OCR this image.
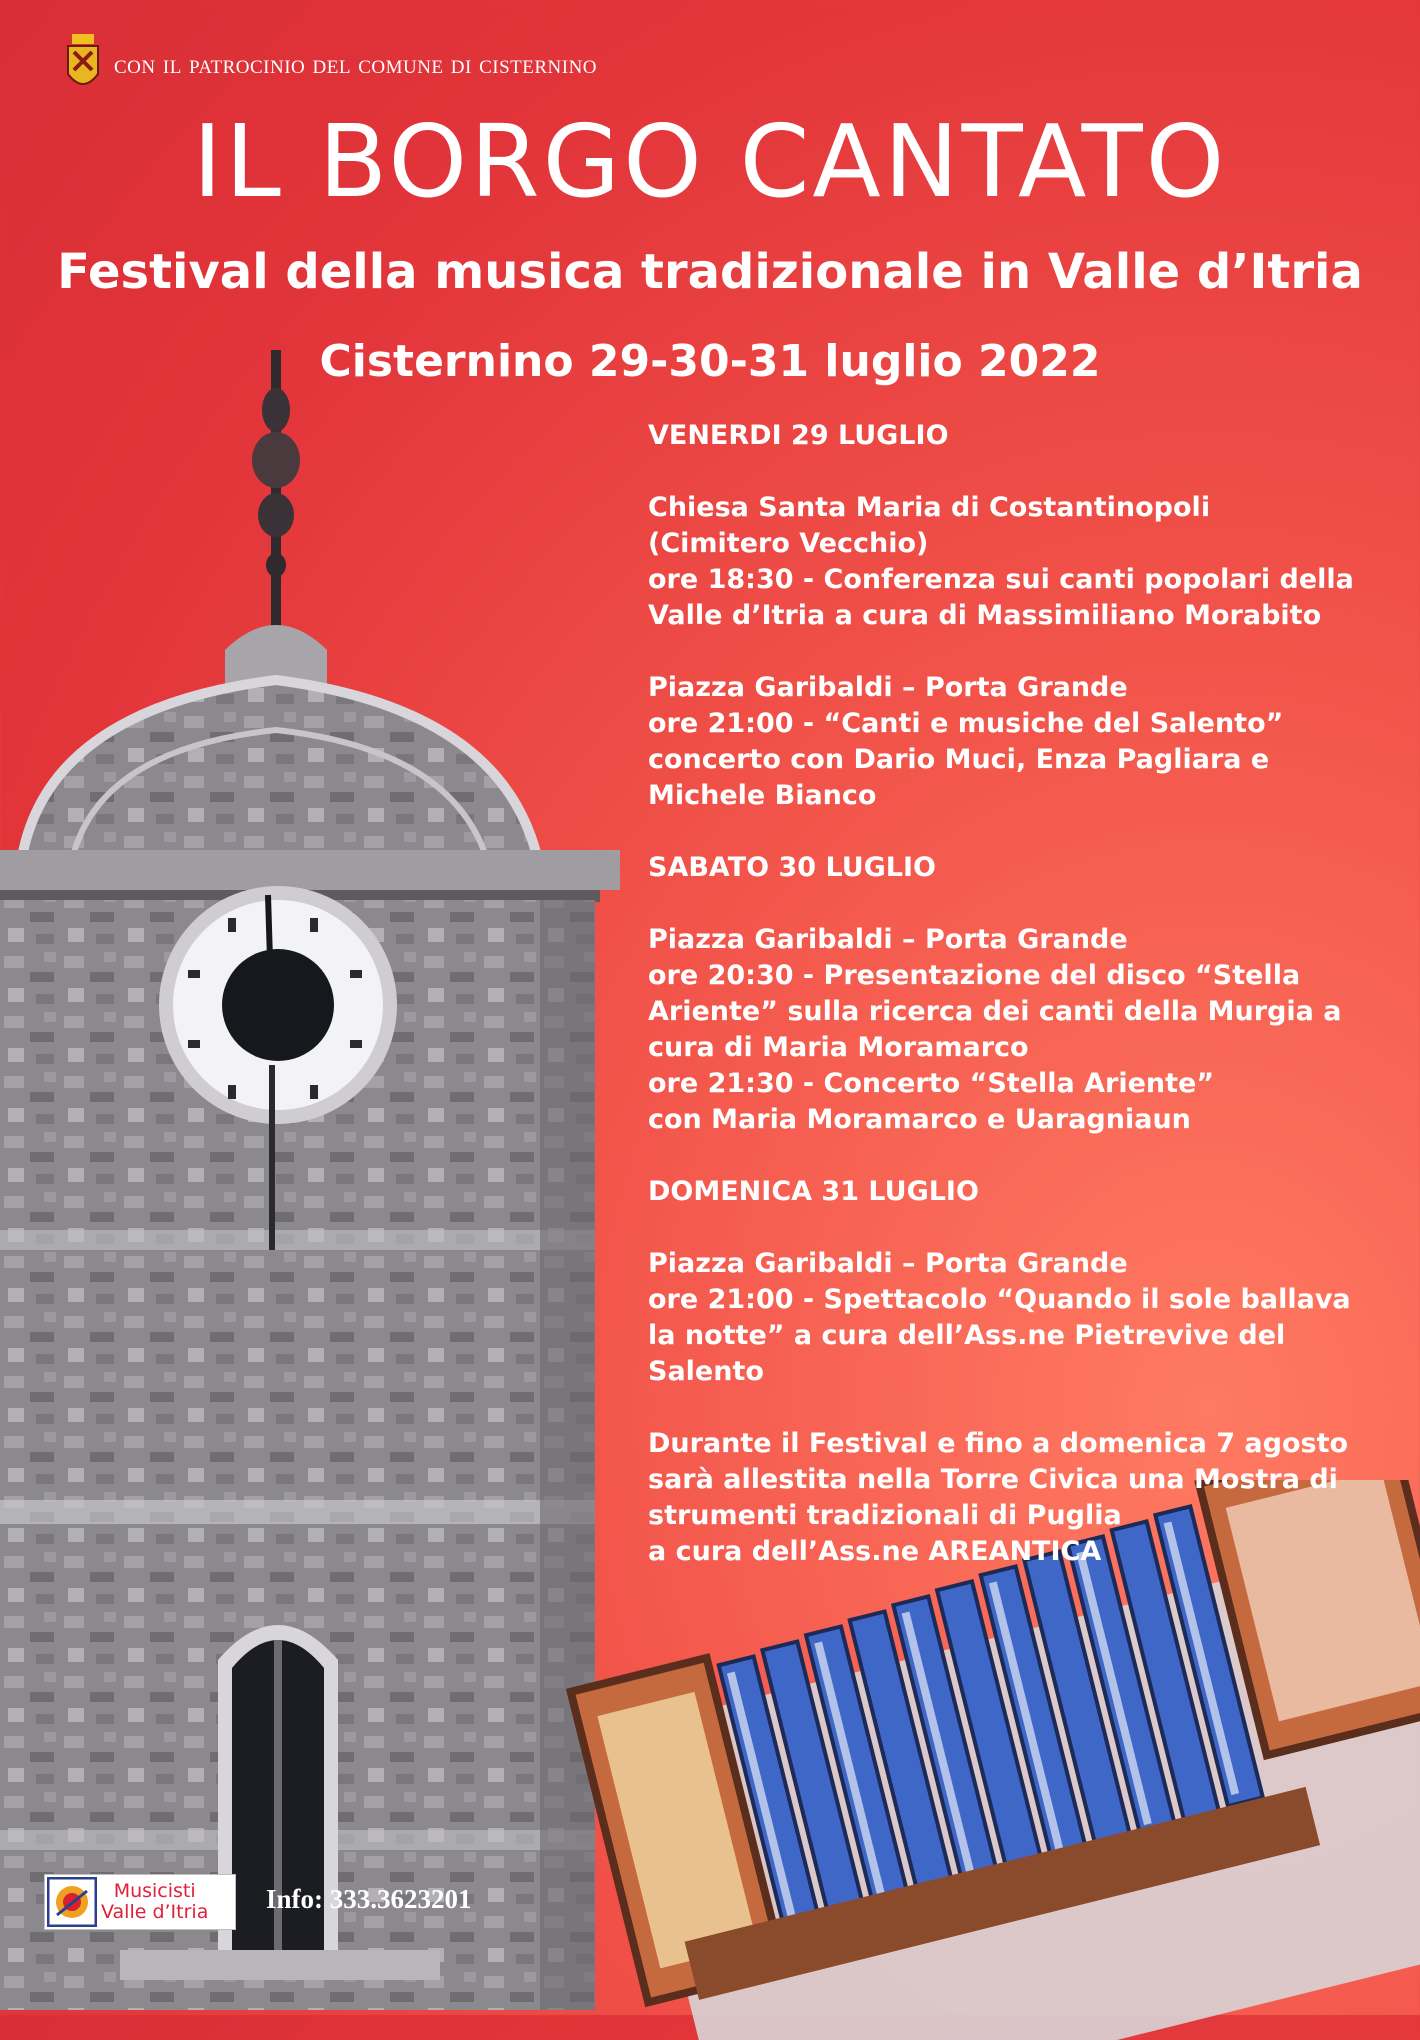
con il patrocinio del comune di cisternino
IL BORGO CANTATO
Festival della musica tradizionale in Valle d’Itria
Cisternino 29-30-31 luglio 2022
VENERDI 29 LUGLIO
Chiesa Santa Maria di Costantinopoli
(Cimitero Vecchio)
ore 18:30 - Conferenza sui canti popolari della
Valle d’Itria a cura di Massimiliano Morabito
Piazza Garibaldi – Porta Grande
ore 21:00 - “Canti e musiche del Salento”
concerto con Dario Muci, Enza Pagliara e
Michele Bianco
SABATO 30 LUGLIO
Piazza Garibaldi – Porta Grande
ore 20:30 - Presentazione del disco “Stella
Ariente” sulla ricerca dei canti della Murgia a
cura di Maria Moramarco
ore 21:30 - Concerto “Stella Ariente”
con Maria Moramarco e Uaragniaun
DOMENICA 31 LUGLIO
Piazza Garibaldi – Porta Grande
ore 21:00 - Spettacolo “Quando il sole ballava
la notte” a cura dell’Ass.ne Pietrevive del
Salento
Durante il Festival e fino a domenica 7 agosto
sarà allestita nella Torre Civica una Mostra di
strumenti tradizionali di Puglia
a cura dell’Ass.ne AREANTICA
Musicisti
Valle d’Itria Info: 333.3623201
